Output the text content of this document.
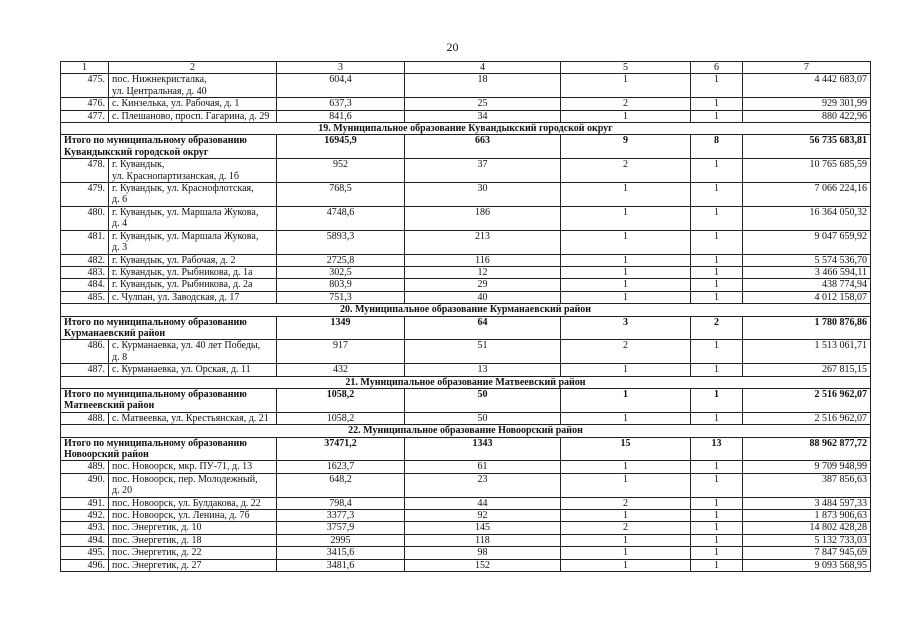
20
1	2	3	4	5	6	7
475.	пос. Нижнекристалка,
ул. Центральная, д. 40	604,4	18	1	1	4 442 683,07
476.	с. Кинзелька, ул. Рабочая, д. 1	637,3	25	2	1	929 301,99
477.	с. Плешаново, просп. Гагарина, д. 29	841,6	34	1	1	880 422,96
19. Муниципальное образование Кувандыкский городской округ						
Итого по муниципальному образованию
Кувандыкский городской округ		16945,9	663	9	8	56 735 683,81
478.	г. Кувандык,
ул. Краснопартизанская, д. 1б	952	37	2	1	10 765 685,59
479.	г. Кувандык, ул. Краснофлотская,
д. 6	768,5	30	1	1	7 066 224,16
480.	г. Кувандык, ул. Маршала Жукова,
д. 4	4748,6	186	1	1	16 364 050,32
481.	г. Кувандык, ул. Маршала Жукова,
д. 3	5893,3	213	1	1	9 047 659,92
482.	г. Кувандык, ул. Рабочая, д. 2	2725,8	116	1	1	5 574 536,70
483.	г. Кувандык, ул. Рыбникова, д. 1а	302,5	12	1	1	3 466 594,11
484.	г. Кувандык, ул. Рыбникова, д. 2а	803,9	29	1	1	438 774,94
485.	с. Чулпан, ул. Заводская, д. 17	751,3	40	1	1	4 012 158,07
20. Муниципальное образование Курманаевский район						
Итого по муниципальному образованию
Курманаевский район		1349	64	3	2	1 780 876,86
486.	с. Курманаевка, ул. 40 лет Победы,
д. 8	917	51	2	1	1 513 061,71
487.	с. Курманаевка, ул. Орская, д. 11	432	13	1	1	267 815,15
21. Муниципальное образование Матвеевский район						
Итого по муниципальному образованию
Матвеевский район		1058,2	50	1	1	2 516 962,07
488.	с. Матвеевка, ул. Крестьянская, д. 21	1058,2	50	1	1	2 516 962,07
22. Муниципальное образование Новоорский район						
Итого по муниципальному образованию
Новоорский район		37471,2	1343	15	13	88 962 877,72
489.	пос. Новоорск, мкр. ПУ-71, д. 13	1623,7	61	1	1	9 709 948,99
490.	пос. Новоорск, пер. Молодежный,
д. 20	648,2	23	1	1	387 856,63
491.	пос. Новоорск, ул. Булдакова, д. 22	798,4	44	2	1	3 484 597,33
492.	пос. Новоорск, ул. Ленина, д. 7б	3377,3	92	1	1	1 873 906,63
493.	пос. Энергетик, д. 10	3757,9	145	2	1	14 802 428,28
494.	пос. Энергетик, д. 18	2995	118	1	1	5 132 733,03
495.	пос. Энергетик, д. 22	3415,6	98	1	1	7 847 945,69
496.	пос. Энергетик, д. 27	3481,6	152	1	1	9 093 568,95
